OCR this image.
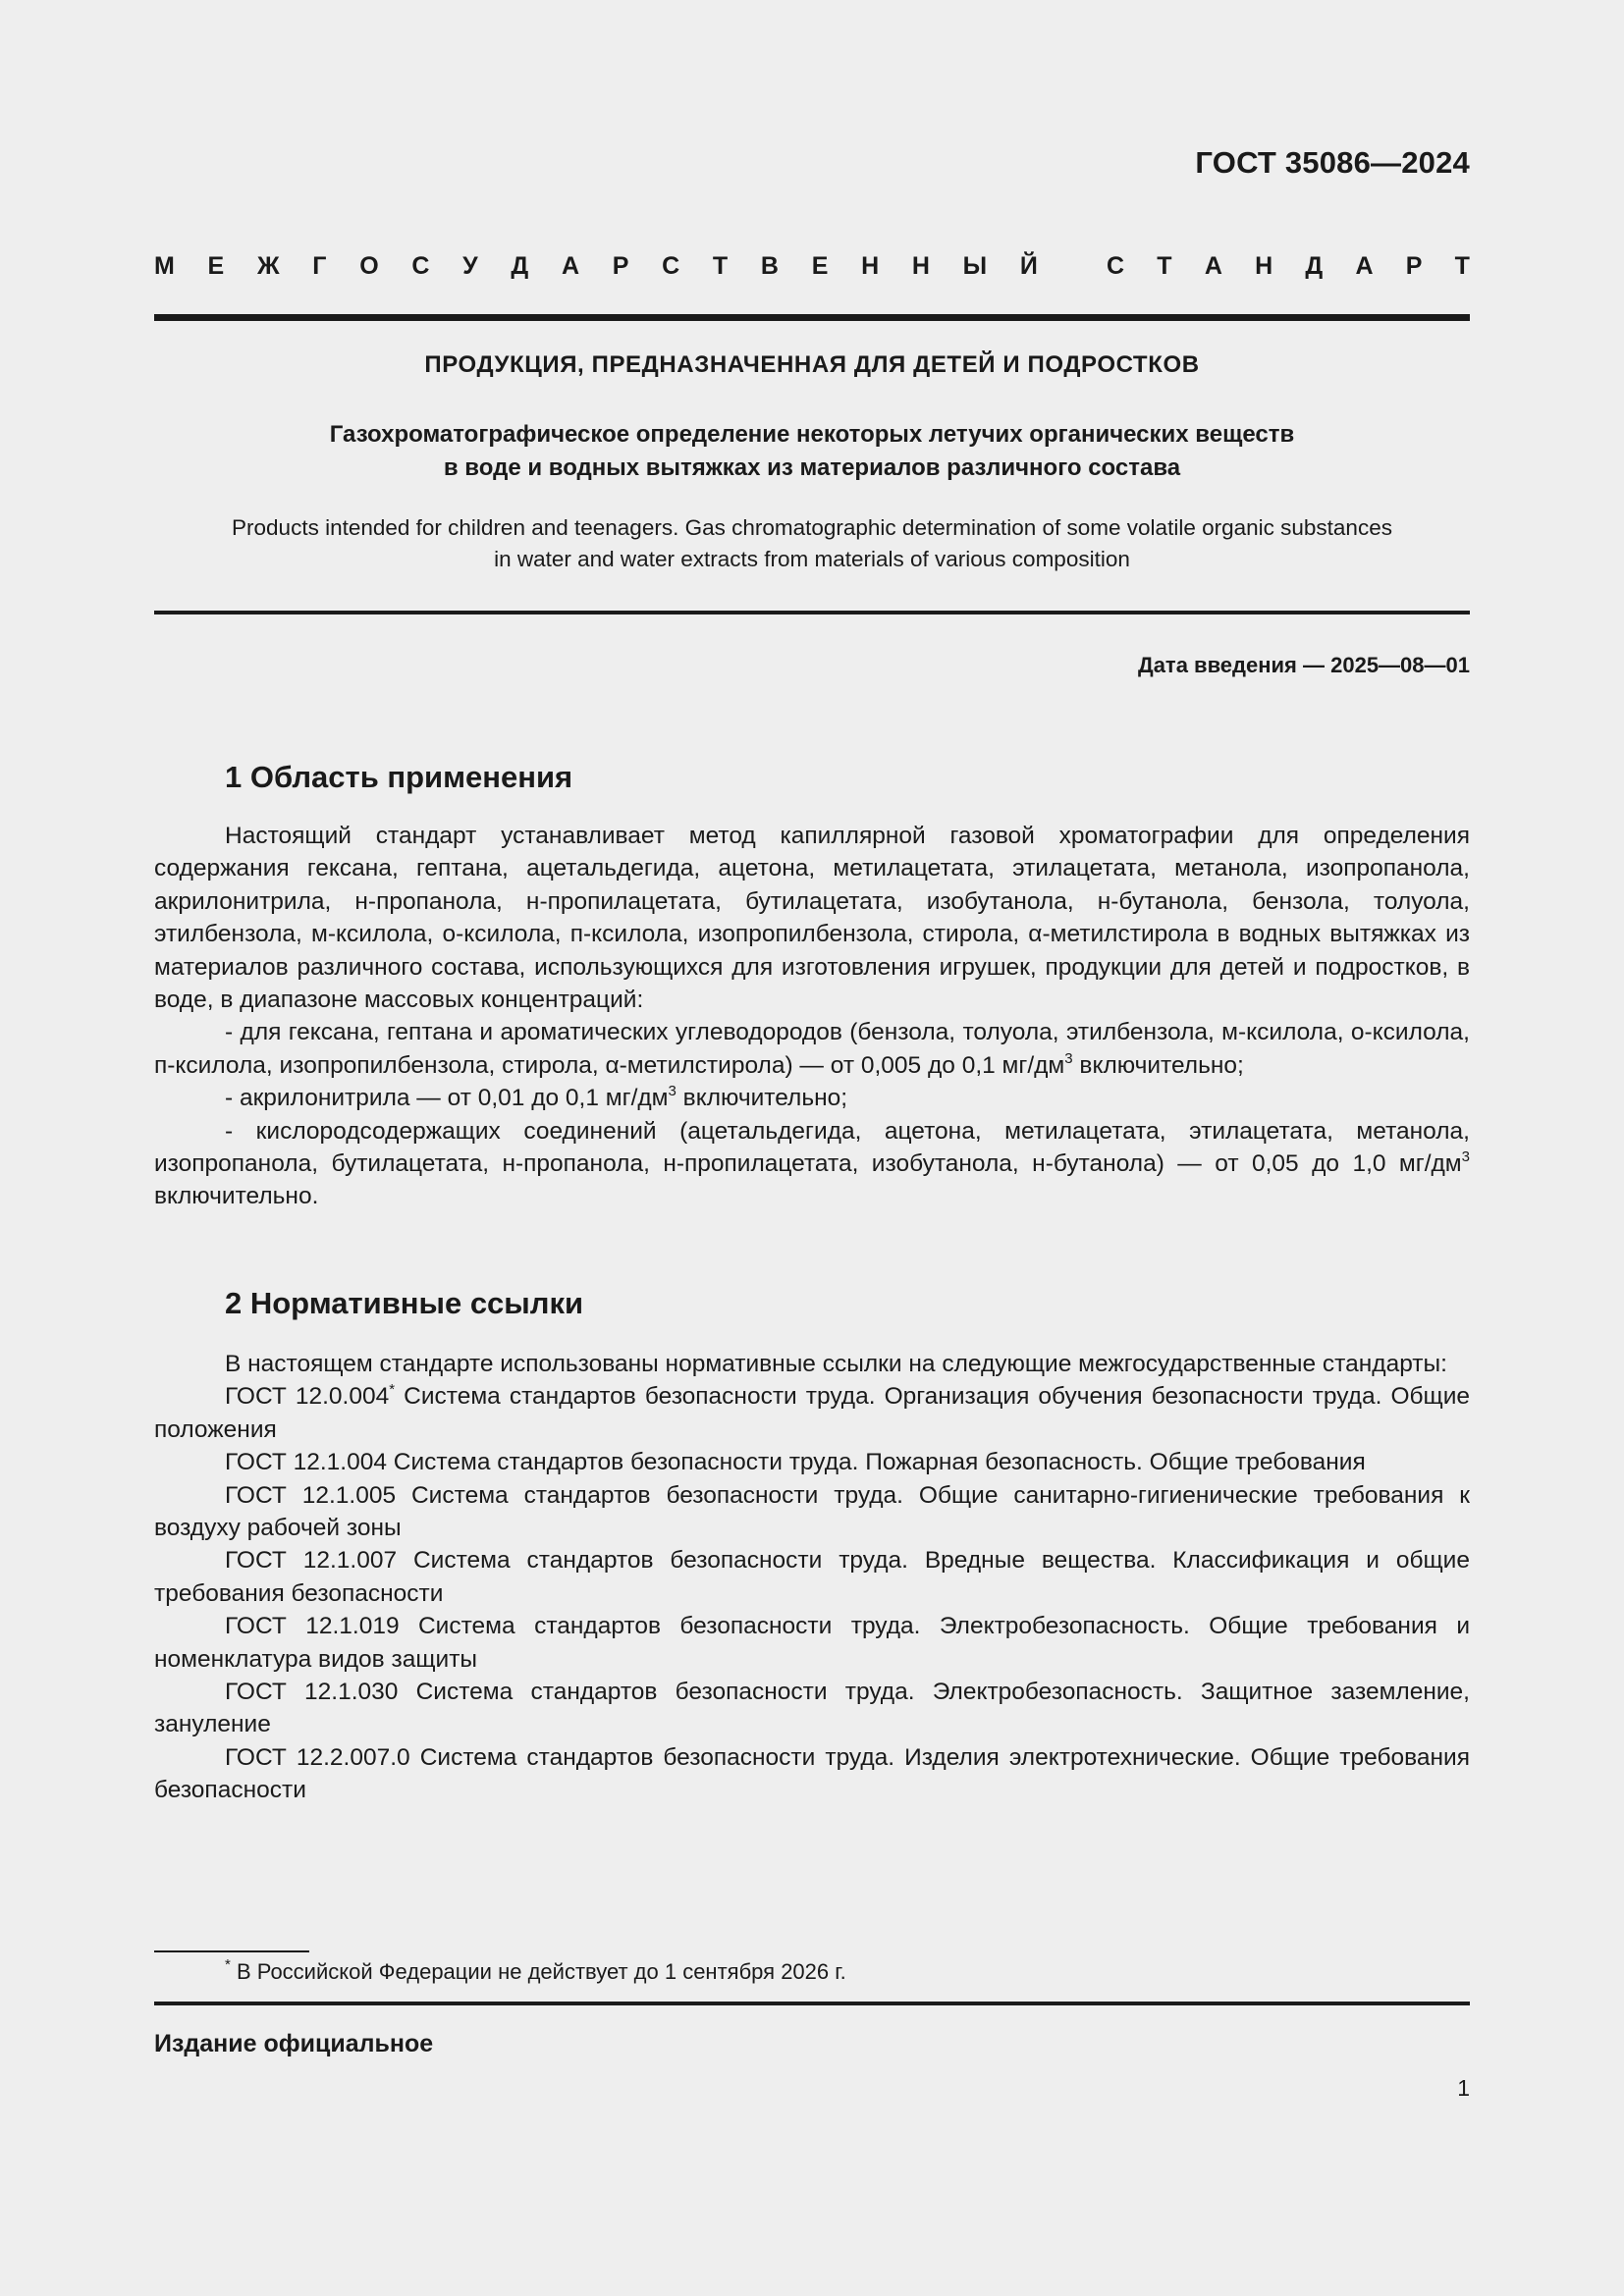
ГОСТ 35086—2024
М Е Ж Г О С У Д А Р С Т В Е Н Н Ы Й	С Т А Н Д А Р Т
ПРОДУКЦИЯ, ПРЕДНАЗНАЧЕННАЯ ДЛЯ ДЕТЕЙ И ПОДРОСТКОВ
Газохроматографическое определение некоторых летучих органических веществ
в воде и водных вытяжках из материалов различного состава
Products intended for children and teenagers. Gas chromatographic determination of some volatile organic substances
in water and water extracts from materials of various composition
Дата введения — 2025—08—01
1 Область применения

Настоящий стандарт устанавливает метод капиллярной газовой хроматографии для определения содержания гексана, гептана, ацетальдегида, ацетона, метилацетата, этилацетата, метанола, изопропанола, акрилонитрила, н-пропанола, н-пропилацетата, бутилацетата, изобутанола, н-бутанола, бензола, толуола, этилбензола, м-ксилола, о-ксилола, п-ксилола, изопропилбензола, стирола, α-метилстирола в водных вытяжках из материалов различного состава, использующихся для изготовления игрушек, продукции для детей и подростков, в воде, в диапазоне массовых концентраций:

- для гексана, гептана и ароматических углеводородов (бензола, толуола, этилбензола, м-ксилола, о-ксилола, п-ксилола, изопропилбензола, стирола, α-метилстирола) — от 0,005 до 0,1 $мг/дм^3$ включительно;

- акрилонитрила — от 0,01 до 0,1 $мг/дм^3$ включительно;

- кислородсодержащих соединений (ацетальдегида, ацетона, метилацетата, этилацетата, метанола, изопропанола, бутилацетата, н-пропанола, н-пропилацетата, изобутанола, н-бутанола) — от 0,05 до 1,0 $мг/дм^3$ включительно.

2 Нормативные ссылки

В настоящем стандарте использованы нормативные ссылки на следующие межгосударственные стандарты:

ГОСТ 12.0.004* Система стандартов безопасности труда. Организация обучения безопасности труда. Общие положения

ГОСТ 12.1.004 Система стандартов безопасности труда. Пожарная безопасность. Общие требования

ГОСТ 12.1.005 Система стандартов безопасности труда. Общие санитарно-гигиенические требования к воздуху рабочей зоны

ГОСТ 12.1.007 Система стандартов безопасности труда. Вредные вещества. Классификация и общие требования безопасности

ГОСТ 12.1.019 Система стандартов безопасности труда. Электробезопасность. Общие требования и номенклатура видов защиты

ГОСТ 12.1.030 Система стандартов безопасности труда. Электробезопасность. Защитное заземление, зануление

ГОСТ 12.2.007.0 Система стандартов безопасности труда. Изделия электротехнические. Общие требования безопасности

* В Российской Федерации не действует до 1 сентября 2026 г.
Издание официальное
1
